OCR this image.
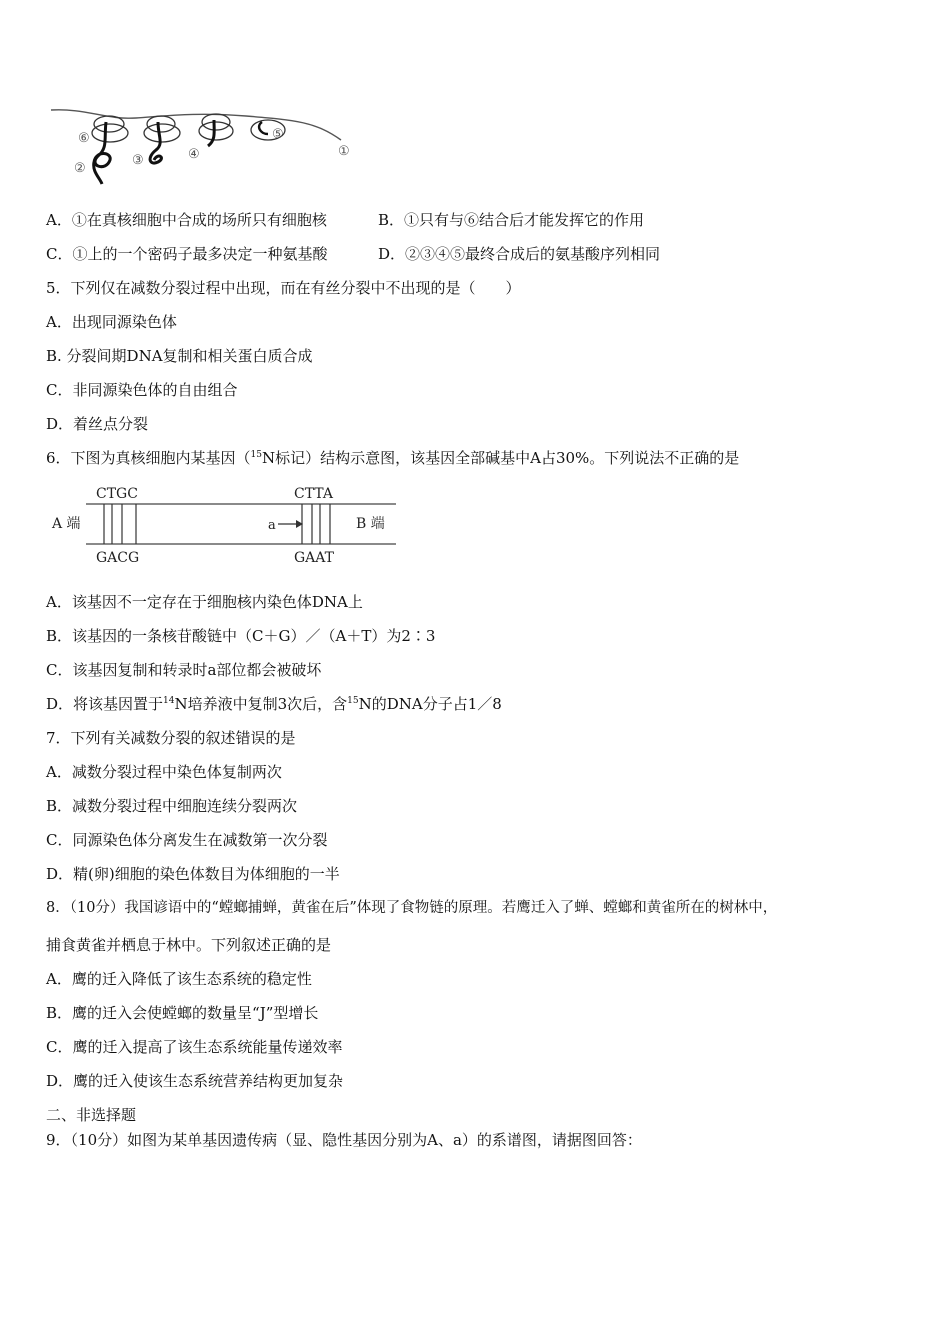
⑥
②
③	④
⑤
①
A．①在真核细胞中合成的场所只有细胞核	B．①只有与⑥结合后才能发挥它的作用
C．①上的一个密码子最多决定一种氨基酸	D．②③④⑤最终合成后的氨基酸序列相同
5．下列仅在减数分裂过程中出现，而在有丝分裂中不出现的是（　　）
A．出现同源染色体
B. 分裂间期DNA复制和相关蛋白质合成
C．非同源染色体的自由组合
D．着丝点分裂
6．下图为真核细胞内某基因（$^{15}$N标记）结构示意图，该基因全部碱基中A占30%。下列说法不正确的是
a
A 端	B 端
CTGC
GACG
CTTA
GAAT
A．该基因不一定存在于细胞核内染色体DNA上
B．该基因的一条核苷酸链中（C＋G）／（A＋T）为2∶3
C．该基因复制和转录时a部位都会被破坏
D．将该基因置于$^{14}$N培养液中复制3次后，含$^{15}$N的DNA分子占1／8
7．下列有关减数分裂的叙述错误的是
A．减数分裂过程中染色体复制两次
B．减数分裂过程中细胞连续分裂两次
C．同源染色体分离发生在减数第一次分裂
D．精(卵)细胞的染色体数目为体细胞的一半
8．（10分）我国谚语中的“螳螂捕蝉，黄雀在后”体现了食物链的原理。若鹰迁入了蝉、螳螂和黄雀所在的树林中，
捕食黄雀并栖息于林中。下列叙述正确的是
A．鹰的迁入降低了该生态系统的稳定性
B．鹰的迁入会使螳螂的数量呈“J”型增长
C．鹰的迁入提高了该生态系统能量传递效率
D．鹰的迁入使该生态系统营养结构更加复杂
二、非选择题
9．（10分）如图为某单基因遗传病（显、隐性基因分别为A、a）的系谱图，请据图回答：
